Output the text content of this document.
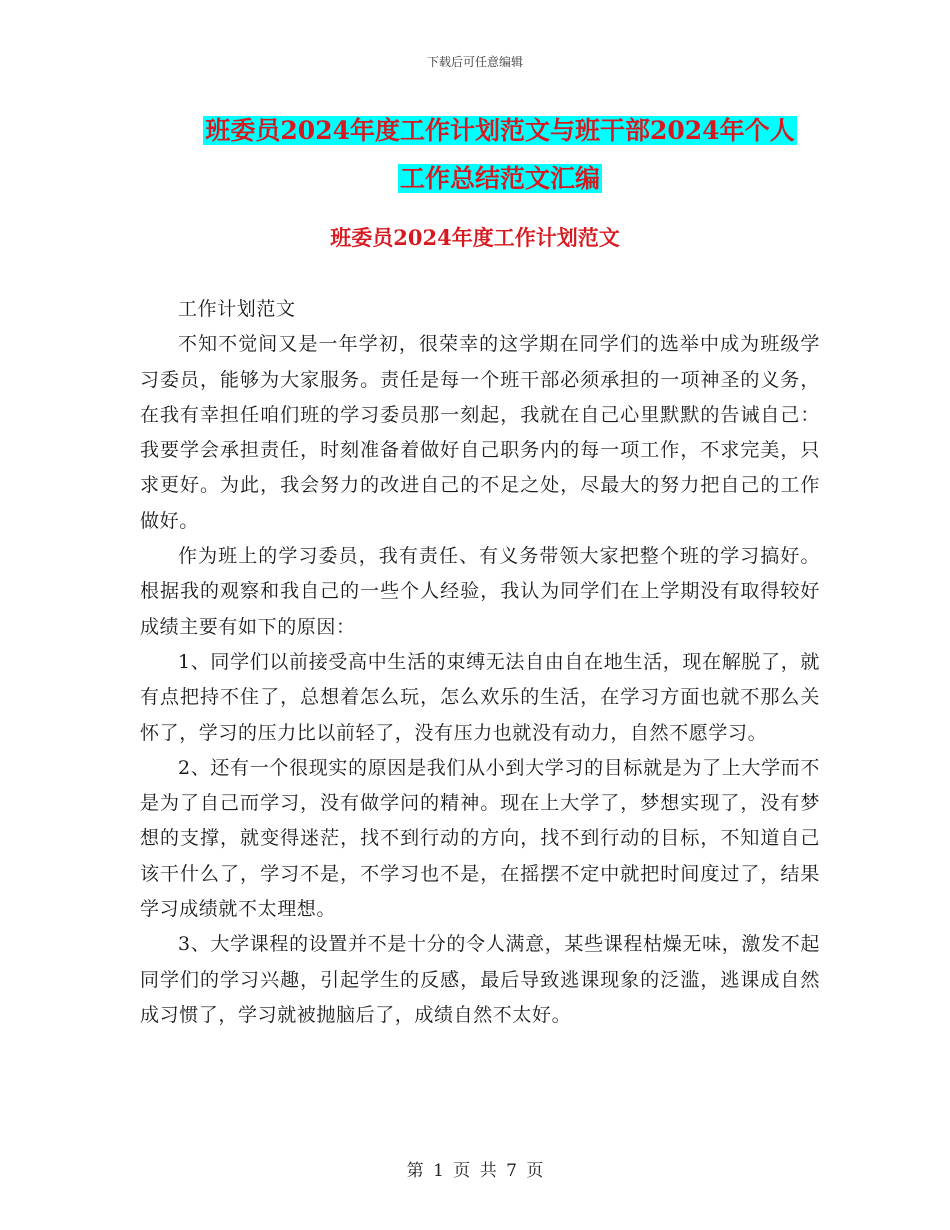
下载后可任意编辑
班委员2024年度工作计划范文与班干部2024年个人
工作总结范文汇编
班委员2024年度工作计划范文

工作计划范文

不知不觉间又是一年学初，很荣幸的这学期在同学们的选举中成为班级学习委员，能够为大家服务。责任是每一个班干部必须承担的一项神圣的义务，在我有幸担任咱们班的学习委员那一刻起，我就在自己心里默默的告诫自己：我要学会承担责任，时刻准备着做好自己职务内的每一项工作，不求完美，只求更好。为此，我会努力的改进自己的不足之处，尽最大的努力把自己的工作做好。

作为班上的学习委员，我有责任、有义务带领大家把整个班的学习搞好。根据我的观察和我自己的一些个人经验，我认为同学们在上学期没有取得较好成绩主要有如下的原因：

1、同学们以前接受高中生活的束缚无法自由自在地生活，现在解脱了，就有点把持不住了，总想着怎么玩，怎么欢乐的生活，在学习方面也就不那么关怀了，学习的压力比以前轻了，没有压力也就没有动力，自然不愿学习。

2、还有一个很现实的原因是我们从小到大学习的目标就是为了上大学而不是为了自己而学习，没有做学问的精神。现在上大学了，梦想实现了，没有梦想的支撑，就变得迷茫，找不到行动的方向，找不到行动的目标，不知道自己该干什么了，学习不是，不学习也不是，在摇摆不定中就把时间度过了，结果学习成绩就不太理想。

3、大学课程的设置并不是十分的令人满意，某些课程枯燥无味，激发不起同学们的学习兴趣，引起学生的反感，最后导致逃课现象的泛滥，逃课成自然成习惯了，学习就被抛脑后了，成绩自然不太好。

第 1 页 共 7 页
